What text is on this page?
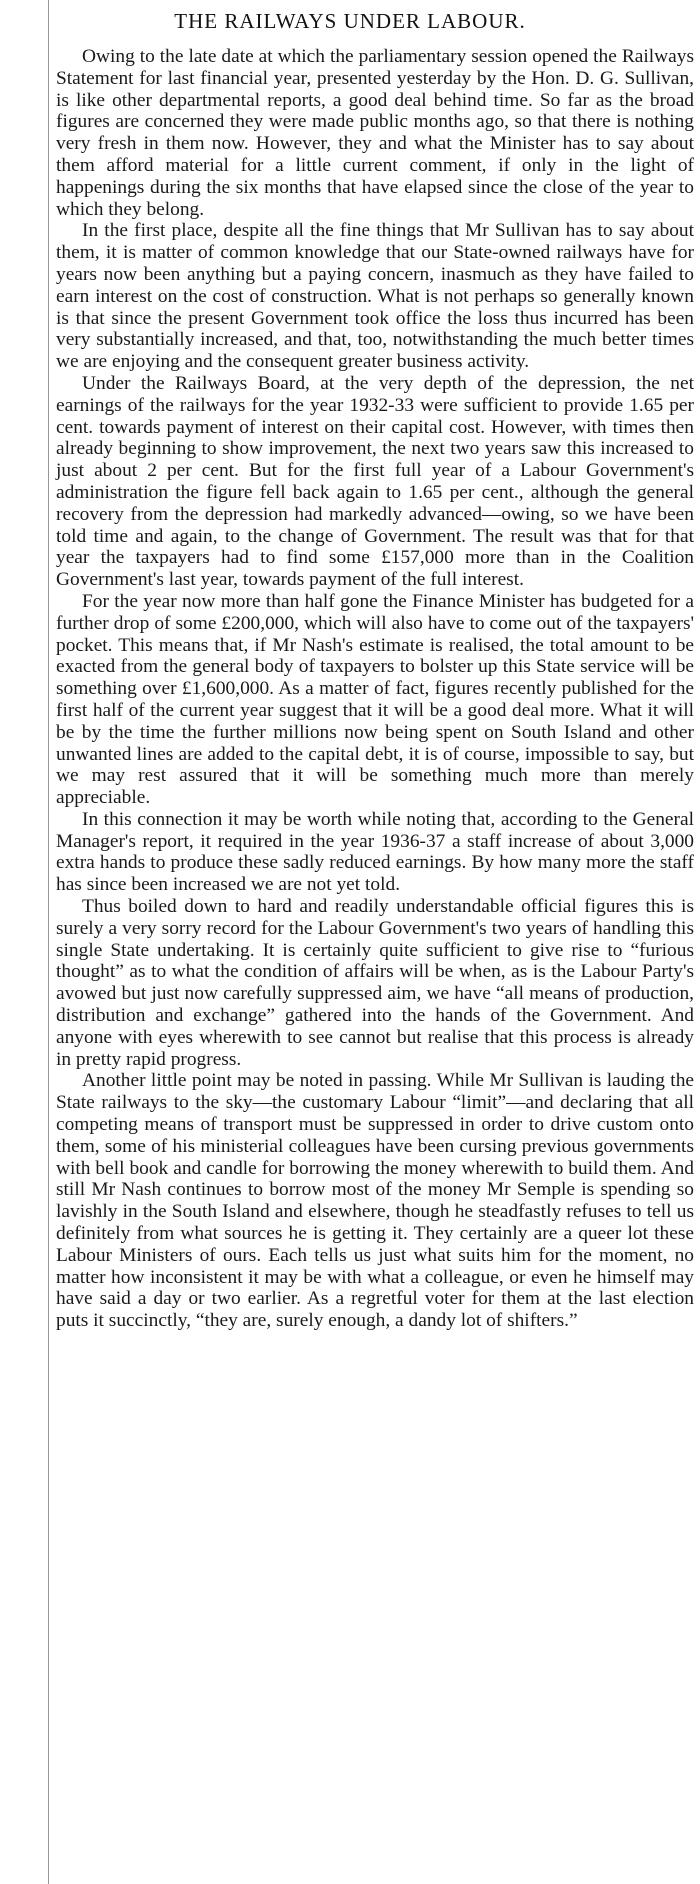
THE RAILWAYS UNDER LABOUR.

Owing to the late date at which the parliamentary session opened the Railways Statement for last financial year, presented yesterday by the Hon. D. G. Sullivan, is like other departmental reports, a good deal behind time. So far as the broad figures are concerned they were made public months ago, so that there is nothing very fresh in them now. However, they and what the Minister has to say about them afford material for a little current comment, if only in the light of happenings during the six months that have elapsed since the close of the year to which they belong.

In the first place, despite all the fine things that Mr Sullivan has to say about them, it is matter of common knowledge that our State-owned railways have for years now been anything but a paying concern, inasmuch as they have failed to earn interest on the cost of construction. What is not perhaps so generally known is that since the present Government took office the loss thus incurred has been very substantially increased, and that, too, notwithstanding the much better times we are enjoying and the consequent greater business activity.

Under the Railways Board, at the very depth of the depression, the net earnings of the railways for the year 1932-33 were sufficient to provide 1.65 per cent. towards payment of interest on their capital cost. However, with times then already beginning to show improvement, the next two years saw this increased to just about 2 per cent. But for the first full year of a Labour Government's administration the figure fell back again to 1.65 per cent., although the general recovery from the depression had markedly advanced—owing, so we have been told time and again, to the change of Government. The result was that for that year the taxpayers had to find some £157,000 more than in the Coalition Government's last year, towards payment of the full interest.

For the year now more than half gone the Finance Minister has budgeted for a further drop of some £200,000, which will also have to come out of the taxpayers' pocket. This means that, if Mr Nash's estimate is realised, the total amount to be exacted from the general body of taxpayers to bolster up this State service will be something over £1,600,000. As a matter of fact, figures recently published for the first half of the current year suggest that it will be a good deal more. What it will be by the time the further millions now being spent on South Island and other unwanted lines are added to the capital debt, it is of course, impossible to say, but we may rest assured that it will be something much more than merely appreciable.

In this connection it may be worth while noting that, according to the General Manager's report, it required in the year 1936-37 a staff increase of about 3,000 extra hands to produce these sadly reduced earnings. By how many more the staff has since been increased we are not yet told.

Thus boiled down to hard and readily understandable official figures this is surely a very sorry record for the Labour Government's two years of handling this single State undertaking. It is certainly quite sufficient to give rise to “furious thought” as to what the condition of affairs will be when, as is the Labour Party's avowed but just now carefully suppressed aim, we have “all means of production, distribution and exchange” gathered into the hands of the Government. And anyone with eyes wherewith to see cannot but realise that this process is already in pretty rapid progress.

Another little point may be noted in passing. While Mr Sullivan is lauding the State railways to the sky—the customary Labour “limit”—and declaring that all competing means of transport must be suppressed in order to drive custom onto them, some of his ministerial colleagues have been cursing previous governments with bell book and candle for borrowing the money wherewith to build them. And still Mr Nash continues to borrow most of the money Mr Semple is spending so lavishly in the South Island and elsewhere, though he steadfastly refuses to tell us definitely from what sources he is getting it. They certainly are a queer lot these Labour Ministers of ours. Each tells us just what suits him for the moment, no matter how inconsistent it may be with what a colleague, or even he himself may have said a day or two earlier. As a regretful voter for them at the last election puts it succinctly, “they are, surely enough, a dandy lot of shifters.”
